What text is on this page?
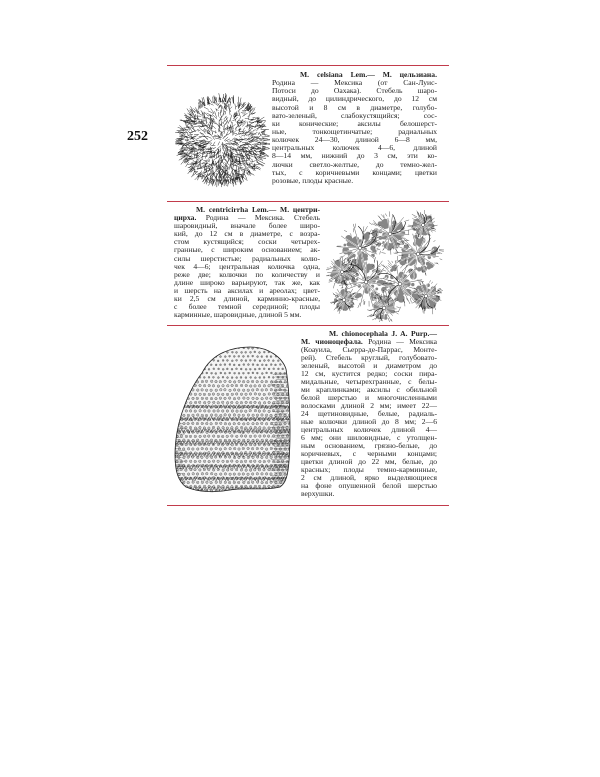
252
M. celsiana Lem.— M. цельзиана.
Родина — Мексика (от Сан-Луис-
Потоси до Оахака). Стебель шаро-
видный, до цилиндрического, до 12 см
высотой и 8 см в диаметре, голубо-
вато-зеленый, слабокустящийся; сос-
ки конические; аксилы белошерст-
ные, тонкощетинчатые; радиальных
колючек 24—30, длиной 6—8 мм,
центральных колючек 4—6, длиной
8—14 мм, нижний до 3 см, эти ко-
лючки светло-желтые, до темно-жел-
тых, с коричневыми концами; цветки
розовые, плоды красные.
M. centricirrha Lem.— M. центри-
цирха. Родина — Мексика. Стебель
шаровидный, вначале более широ-
кий, до 12 см в диаметре, с возра-
стом кустящийся; соски четырех-
гранные, с широким основанием; ак-
силы шерстистые; радиальных колю-
чек 4—6; центральная колючка одна,
реже две; колючки по количеству и
длине широко варьируют, так же, как
и шерсть на аксилах и ареолах; цвет-
ки 2,5 см длиной, карминно-красные,
с более темной серединой; плоды
карминные, шаровидные, длиной 5 мм.
M. chionocephala J. A. Purp.—
M. чионоцефала. Родина — Мексика
(Коауила, Сьерра-де-Паррас, Монте-
рей). Стебель круглый, голубовато-
зеленый, высотой и диаметром до
12 см, кустится редко; соски пира-
мидальные, четырехгранные, с белы-
ми краплинками; аксилы с обильной
белой шерстью и многочисленными
волосками длиной 2 мм; имеет 22—
24 щетиновидные, белые, радиаль-
ные колючки длиной до 8 мм; 2—6
центральных колючек длиной 4—
6 мм; они шиловидные, с утолщен-
ным основанием, грязно-белые, до
коричневых, с черными концами;
цветки длиной до 22 мм, белые, до
красных; плоды темно-карминные,
2 см длиной, ярко выделяющиеся
на фоне опушенной белой шерстью
верхушки.
